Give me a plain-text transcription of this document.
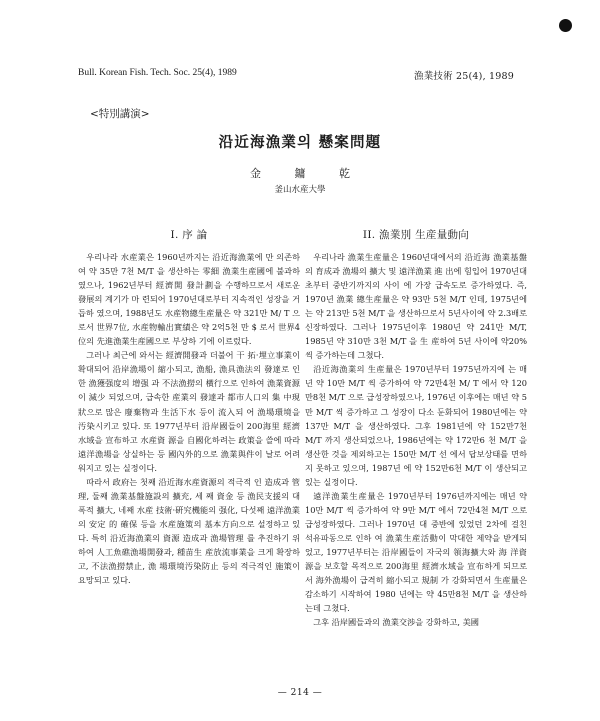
Bull. Korean Fish. Tech. Soc. 25(4), 1989	漁業技術 25(4), 1989
<特別講演>
沿近海漁業의 懸案問題
金 鏞 乾
釜山水産大學
I. 序 論

우리나라 水産業은 1960년까지는 沿近海漁業에 만 의존하여 약 35만 7천 M/T 을 생산하는 零細 漁業生産國에 불과하였으나, 1962년부터 經濟開 發計劃을 수행하므로서 새로운 發展의 계기가 마 련되어 1970년대로부터 지속적인 성장을 거듭하 였으며, 1988년도 水産物總生産量은 약 321만 M/ T 으로서 世界7位, 水産物輸出實績은 약 2억5천 만 $ 로서 世界4位의 先進漁業生産國으로 부상하 기에 이르렀다.

그러나 최근에 와서는 經濟開發과 더불어 干 拓·埋立事業이 확대되어 沿岸漁場이 縮小되고, 漁船, 漁具漁法의 發達로 인한 漁獲强度의 增强 과 不法漁撈의 橫行으로 인하여 漁業資源이 減少 되었으며, 급속한 産業의 發達과 都市人口의 集 中現狀으로 많은 廢棄物과 生活下水 등이 流入되 어 漁場環境을 汚染시키고 있다. 또 1977년부터 沿岸國들이 200海里 經濟水域을 宣布하고 水産資 源을 自國化하려는 政策을 쓸에 따라 遠洋漁場을 상실하는 등 國內外的으로 漁業與件이 날로 어려 워지고 있는 실정이다.

따라서 政府는 첫째 沿近海水産資源의 적극적 인 造成과 管理, 둘째 漁業基盤施設의 擴充, 세 째 資金 등 漁民支援의 대폭적 擴大, 네째 水産 技術·硏究機能의 强化, 다섯째 遠洋漁業의 安定 的 確保 등을 水産施策의 基本方向으로 설정하고 있다. 특히 沿近海漁業의 資源 造成과 漁場管理 를 추진하기 위하여 人工魚礁漁場開發과, 種苗生 産放流事業을 크게 확장하고, 不法漁撈禁止, 漁 場環境汚染防止 등의 적극적인 施策이 요망되고 있다.

II. 漁業別 生産量動向

우리나라 漁業生産量은 1960년대에서의 沿近海 漁業基盤의 育成과 漁場의 擴大 및 遠洋漁業 進 出에 힘입어 1970년대초부터 중반기까지의 사이 에 가장 급속도로 증가하였다. 즉, 1970년 漁業 總生産量은 약 93만 5천 M/T 인데, 1975년에는 약 213만 5천 M/T 을 생산하므로서 5년사이에 약 2.3배로 신장하였다. 그러나 1975년이후 1980년 약 241만 M/T, 1985년 약 310만 3천 M/T 을 生 産하여 5년 사이에 약20%씩 증가하는데 그쳤다.

沿近海漁業의 生産量은 1970년부터 1975년까지에 는 매년 약 10만 M/T 씩 증가하여 약 72만4천 M/ T 에서 약 120만8천 M/T 으로 급성장하였으나, 1976년 이후에는 매년 약 5만 M/T 씩 증가하고 그 성장이 다소 둔화되어 1980년에는 약 137만 M/T 을 생산하였다. 그후 1981년에 약 152만7천 M/T 까지 생산되었으나, 1986년에는 약 172만6 천 M/T 을 생산한 것을 제외하고는 150만 M/T 선 에서 답보상태를 면하지 못하고 있으며, 1987년 에 약 152만6천 M/T 이 생산되고 있는 실정이다.

遠洋漁業生産量은 1970년부터 1976년까지에는 매년 약 10만 M/T 씩 증가하여 약 9만 M/T 에서 72만4천 M/T 으로 급성장하였다. 그러나 1970년 대 중반에 있었던 2차에 걸친 석유파동으로 인하 여 漁業生産活動이 막대한 제약을 받게되었고, 1977년부터는 沿岸國들이 자국의 領海擴大와 海 洋資源을 보호할 목적으로 200海里 經濟水域을 宣布하게 되므로서 海外漁場이 급격히 縮小되고 規制 가 강화되면서 生産量은 감소하기 시작하여 1980 년에는 약 45만8천 M/T 을 생산하는데 그쳤다.

그후 沿岸國들과의 漁業交渉을 강화하고, 美國

— 214 —
